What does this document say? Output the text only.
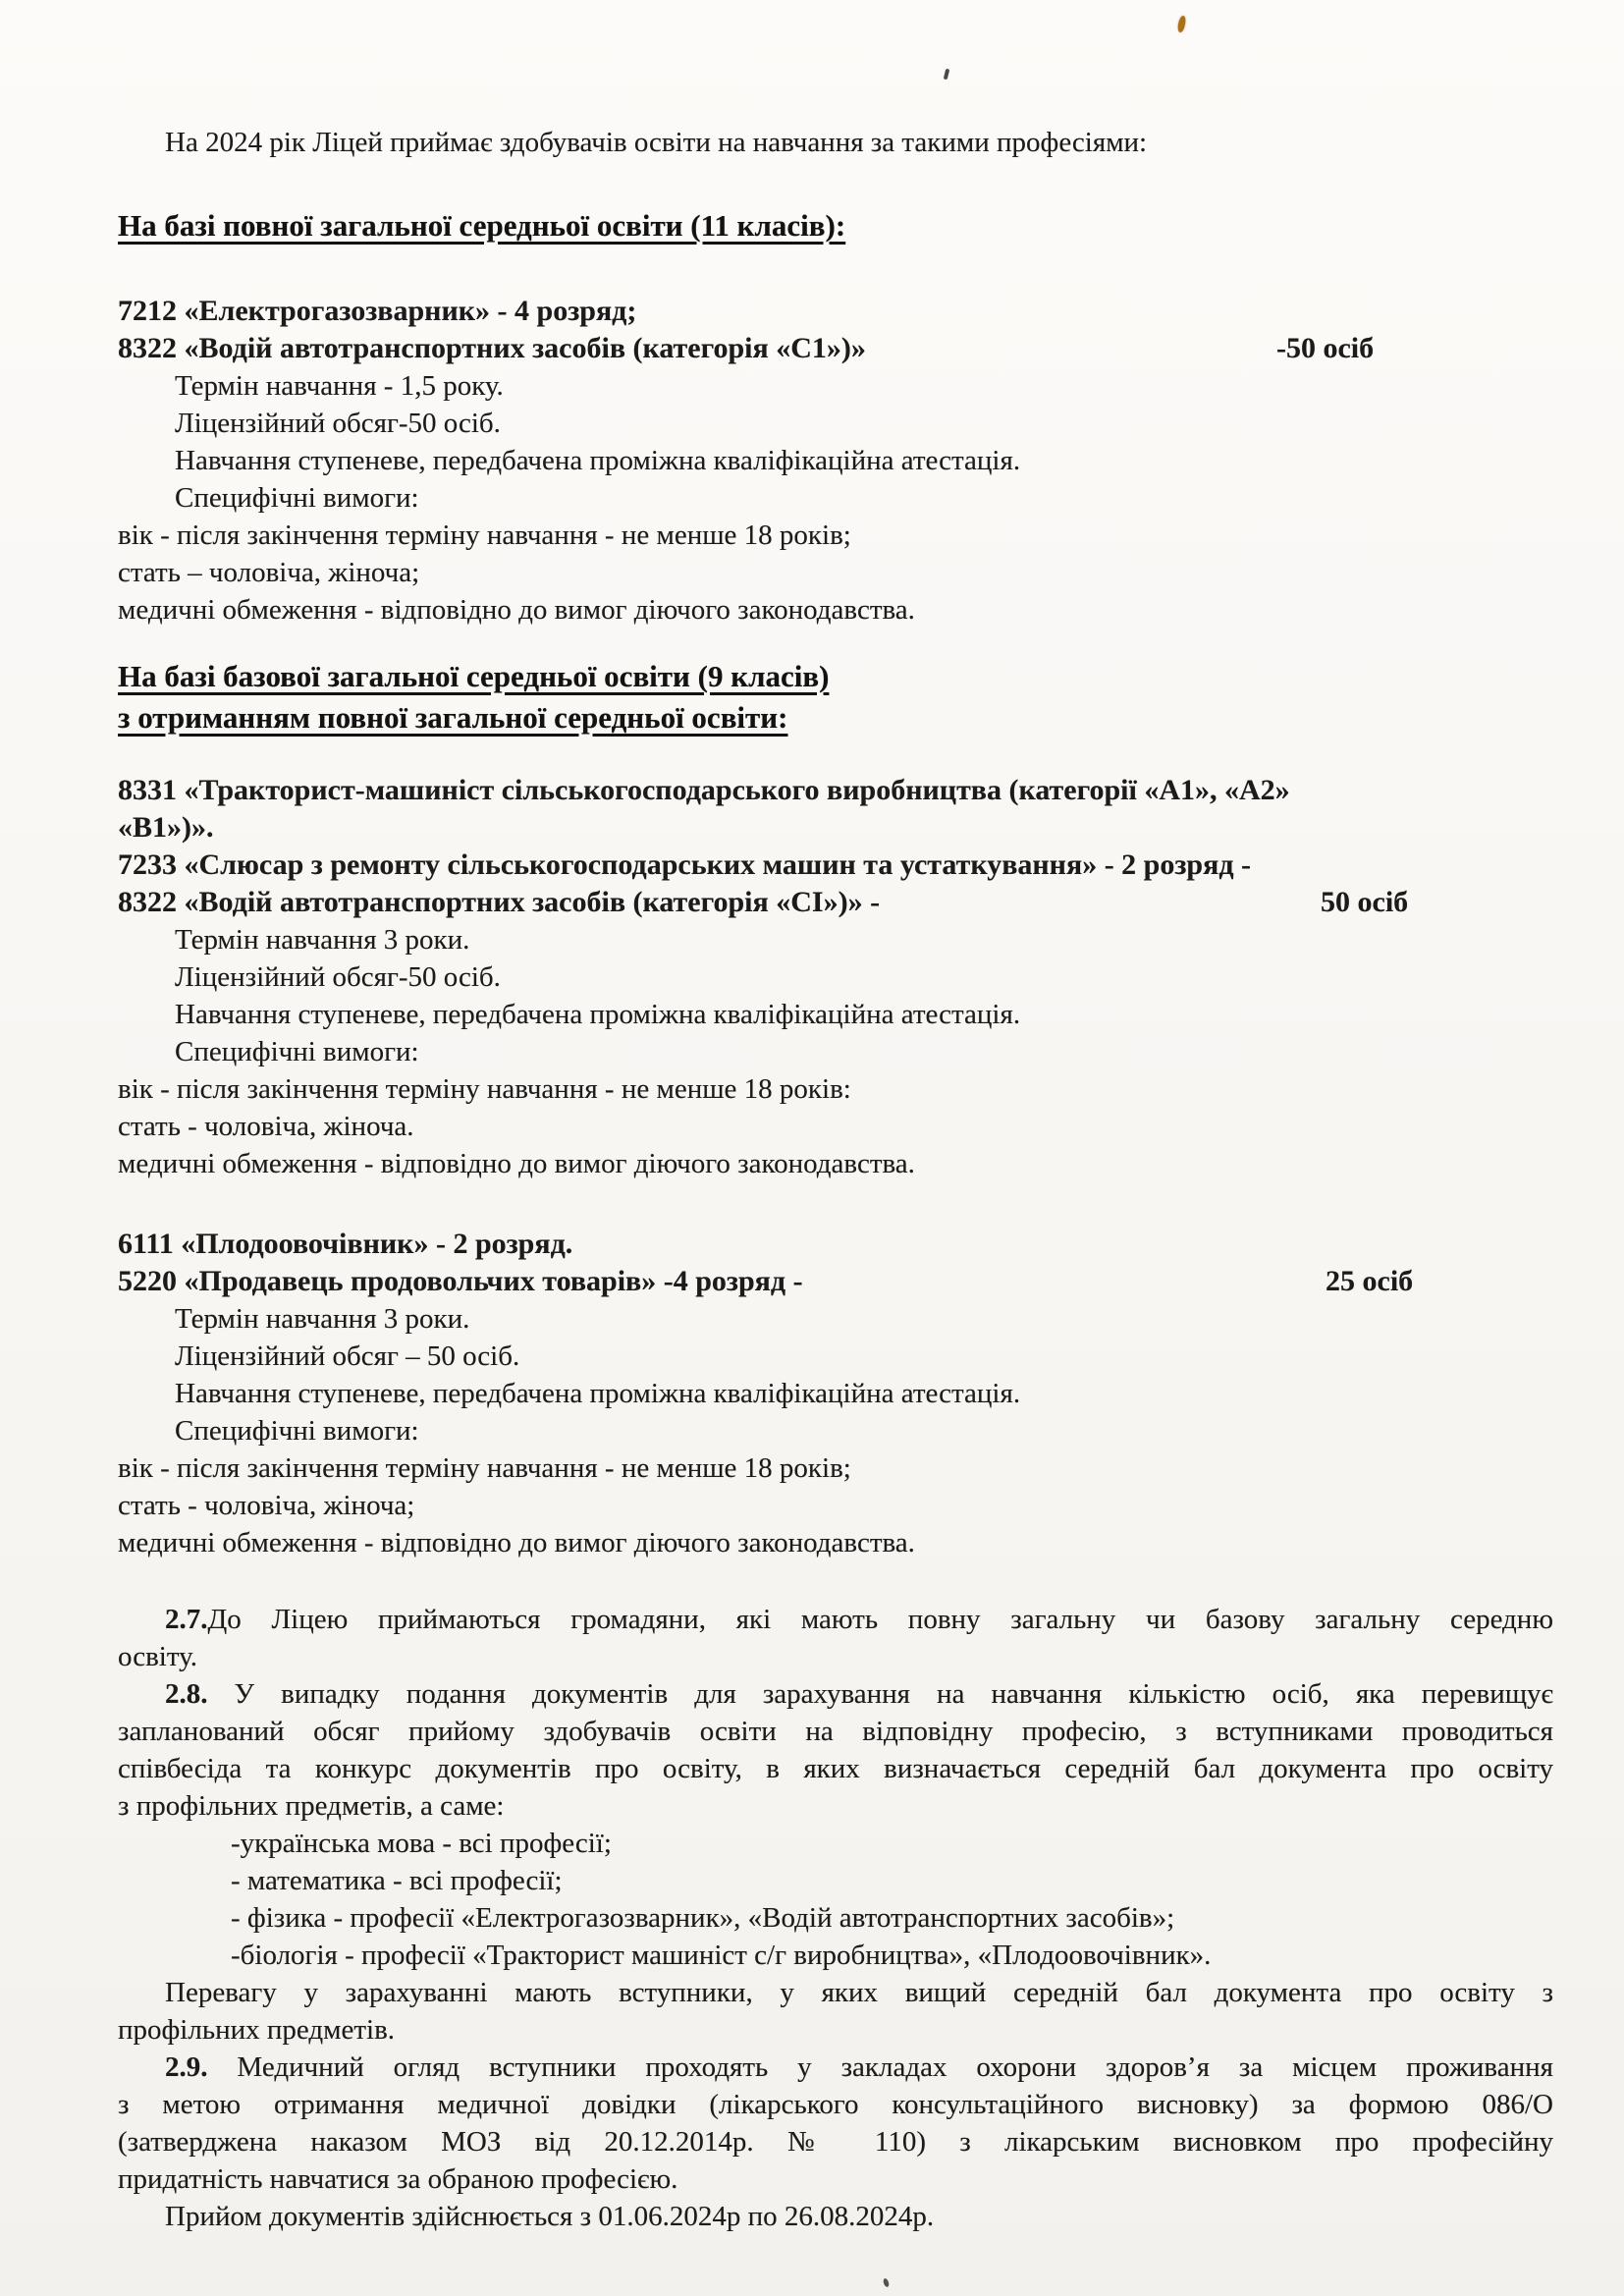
На 2024 рік Ліцей приймає здобувачів освіти на навчання за такими професіями:
На базі повної загальної середньої освіти (11 класів):
7212 «Електрогазозварник» - 4 розряд;
8322 «Водій автотранспортних засобів (категорія «С1»)»	-50 осіб
Термін навчання - 1,5 року.
Ліцензійний обсяг-50 осіб.
Навчання ступеневе, передбачена проміжна кваліфікаційна атестація.
Специфічні вимоги:
вік - після закінчення терміну навчання - не менше 18 років;
стать – чоловіча, жіноча;
медичні обмеження - відповідно до вимог діючого законодавства.
На базі базової загальної середньої освіти (9 класів)
з отриманням повної загальної середньої освіти:
8331 «Тракторист-машиніст сільськогосподарського виробництва (категорії «А1», «А2»
«В1»)».
7233 «Слюсар з ремонту сільськогосподарських машин та устаткування» - 2 розряд -
8322 «Водій автотранспортних засобів (категорія «СІ»)» -	50 осіб
Термін навчання 3 роки.
Ліцензійний обсяг-50 осіб.
Навчання ступеневе, передбачена проміжна кваліфікаційна атестація.
Специфічні вимоги:
вік - після закінчення терміну навчання - не менше 18 років:
стать - чоловіча, жіноча.
медичні обмеження - відповідно до вимог діючого законодавства.
6111 «Плодоовочівник» - 2 розряд.
5220 «Продавець продовольчих товарів» -4 розряд -	25 осіб
Термін навчання 3 роки.
Ліцензійний обсяг – 50 осіб.
Навчання ступеневе, передбачена проміжна кваліфікаційна атестація.
Специфічні вимоги:
вік - після закінчення терміну навчання - не менше 18 років;
стать - чоловіча, жіноча;
медичні обмеження - відповідно до вимог діючого законодавства.
2.7.До Ліцею приймаються громадяни, які мають повну загальну чи базову загальну середню
освіту.
2.8. У випадку подання документів для зарахування на навчання кількістю осіб, яка перевищує
запланований обсяг прийому здобувачів освіти на відповідну професію, з вступниками проводиться
співбесіда та конкурс документів про освіту, в яких визначається середній бал документа про освіту
з профільних предметів, а саме:
-українська мова - всі професії;
- математика - всі професії;
- фізика - професії «Електрогазозварник», «Водій автотранспортних засобів»;
-біологія - професії «Тракторист машиніст с/г виробництва», «Плодоовочівник».
Перевагу у зарахуванні мають вступники, у яких вищий середній бал документа про освіту з
профільних предметів.
2.9. Медичний огляд вступники проходять у закладах охорони здоров’я за місцем проживання
з метою отримання медичної довідки (лікарського консультаційного висновку) за формою 086/О
(затверджена наказом МОЗ від 20.12.2014р. № 110) з лікарським висновком про професійну
придатність навчатися за обраною професією.
Прийом документів здійснюється з 01.06.2024р по 26.08.2024р.
